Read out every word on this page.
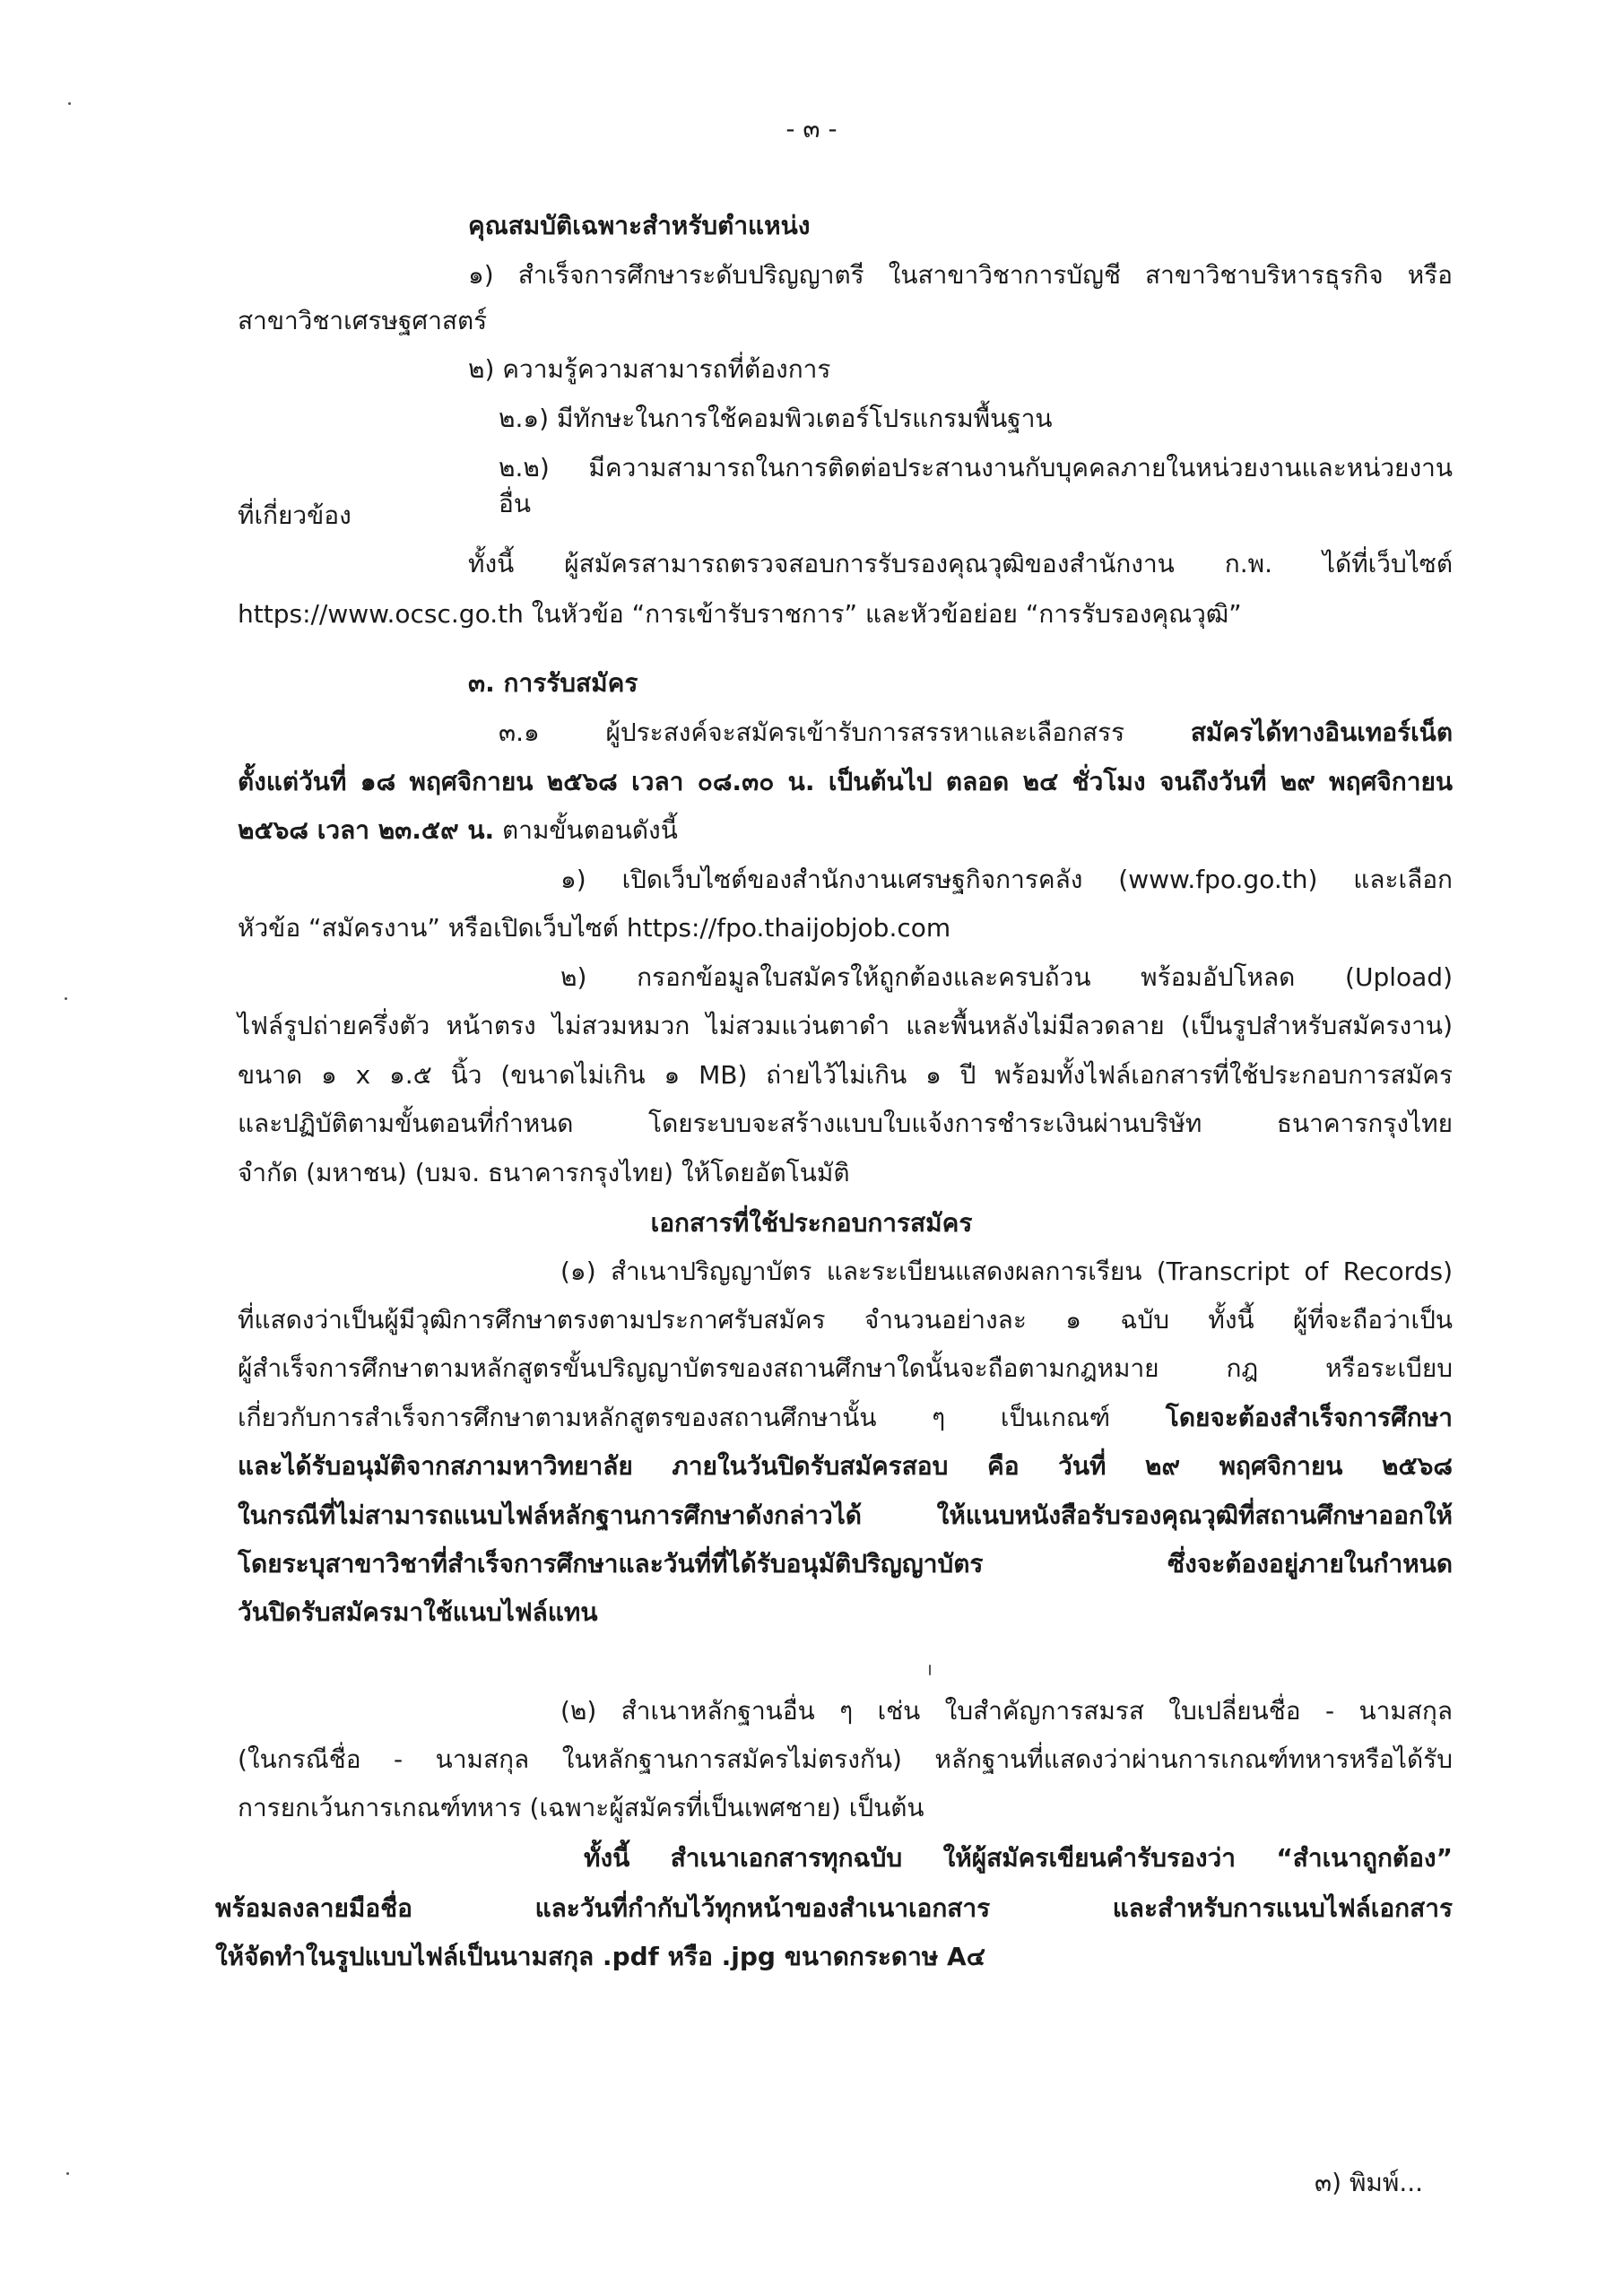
- ๓ -

คุณสมบัติเฉพาะสำหรับตำแหน่ง

๑) สำเร็จการศึกษาระดับปริญญาตรี ในสาขาวิชาการบัญชี สาขาวิชาบริหารธุรกิจ หรือ

สาขาวิชาเศรษฐศาสตร์

๒) ความรู้ความสามารถที่ต้องการ

๒.๑) มีทักษะในการใช้คอมพิวเตอร์โปรแกรมพื้นฐาน

๒.๒) มีความสามารถในการติดต่อประสานงานกับบุคคลภายในหน่วยงานและหน่วยงานอื่น

ที่เกี่ยวข้อง

ทั้งนี้ ผู้สมัครสามารถตรวจสอบการรับรองคุณวุฒิของสำนักงาน ก.พ. ได้ที่เว็บไซต์

https://www.ocsc.go.th ในหัวข้อ “การเข้ารับราชการ” และหัวข้อย่อย “การรับรองคุณวุฒิ”

๓. การรับสมัคร

๓.๑ ผู้ประสงค์จะสมัครเข้ารับการสรรหาและเลือกสรร สมัครได้ทางอินเทอร์เน็ต

ตั้งแต่วันที่ ๑๘ พฤศจิกายน ๒๕๖๘ เวลา ๐๘.๓๐ น. เป็นต้นไป ตลอด ๒๔ ชั่วโมง จนถึงวันที่ ๒๙ พฤศจิกายน

๒๕๖๘ เวลา ๒๓.๕๙ น. ตามขั้นตอนดังนี้

๑) เปิดเว็บไซต์ของสำนักงานเศรษฐกิจการคลัง (www.fpo.go.th) และเลือก

หัวข้อ “สมัครงาน” หรือเปิดเว็บไซต์ https://fpo.thaijobjob.com

๒) กรอกข้อมูลใบสมัครให้ถูกต้องและครบถ้วน พร้อมอัปโหลด (Upload)

ไฟล์รูปถ่ายครึ่งตัว หน้าตรง ไม่สวมหมวก ไม่สวมแว่นตาดำ และพื้นหลังไม่มีลวดลาย (เป็นรูปสำหรับสมัครงาน)

ขนาด ๑ x ๑.๕ นิ้ว (ขนาดไม่เกิน ๑ MB) ถ่ายไว้ไม่เกิน ๑ ปี พร้อมทั้งไฟล์เอกสารที่ใช้ประกอบการสมัคร

และปฏิบัติตามขั้นตอนที่กำหนด โดยระบบจะสร้างแบบใบแจ้งการชำระเงินผ่านบริษัท ธนาคารกรุงไทย

จำกัด (มหาชน) (บมจ. ธนาคารกรุงไทย) ให้โดยอัตโนมัติ

เอกสารที่ใช้ประกอบการสมัคร

(๑) สำเนาปริญญาบัตร และระเบียนแสดงผลการเรียน (Transcript of Records)

ที่แสดงว่าเป็นผู้มีวุฒิการศึกษาตรงตามประกาศรับสมัคร จำนวนอย่างละ ๑ ฉบับ ทั้งนี้ ผู้ที่จะถือว่าเป็น

ผู้สำเร็จการศึกษาตามหลักสูตรขั้นปริญญาบัตรของสถานศึกษาใดนั้นจะถือตามกฎหมาย กฎ หรือระเบียบ

เกี่ยวกับการสำเร็จการศึกษาตามหลักสูตรของสถานศึกษานั้น ๆ เป็นเกณฑ์ โดยจะต้องสำเร็จการศึกษา

และได้รับอนุมัติจากสภามหาวิทยาลัย ภายในวันปิดรับสมัครสอบ คือ วันที่ ๒๙ พฤศจิกายน ๒๕๖๘

ในกรณีที่ไม่สามารถแนบไฟล์หลักฐานการศึกษาดังกล่าวได้ ให้แนบหนังสือรับรองคุณวุฒิที่สถานศึกษาออกให้

โดยระบุสาขาวิชาที่สำเร็จการศึกษาและวันที่ที่ได้รับอนุมัติปริญญาบัตร ซึ่งจะต้องอยู่ภายในกำหนด

วันปิดรับสมัครมาใช้แนบไฟล์แทน

(๒) สำเนาหลักฐานอื่น ๆ เช่น ใบสำคัญการสมรส ใบเปลี่ยนชื่อ - นามสกุล

(ในกรณีชื่อ - นามสกุล ในหลักฐานการสมัครไม่ตรงกัน) หลักฐานที่แสดงว่าผ่านการเกณฑ์ทหารหรือได้รับ

การยกเว้นการเกณฑ์ทหาร (เฉพาะผู้สมัครที่เป็นเพศชาย) เป็นต้น

ทั้งนี้ สำเนาเอกสารทุกฉบับ ให้ผู้สมัครเขียนคำรับรองว่า “สำเนาถูกต้อง”

พร้อมลงลายมือชื่อ และวันที่กำกับไว้ทุกหน้าของสำเนาเอกสาร และสำหรับการแนบไฟล์เอกสาร

ให้จัดทำในรูปแบบไฟล์เป็นนามสกุล .pdf หรือ .jpg ขนาดกระดาษ A๔

๓) พิมพ์...
